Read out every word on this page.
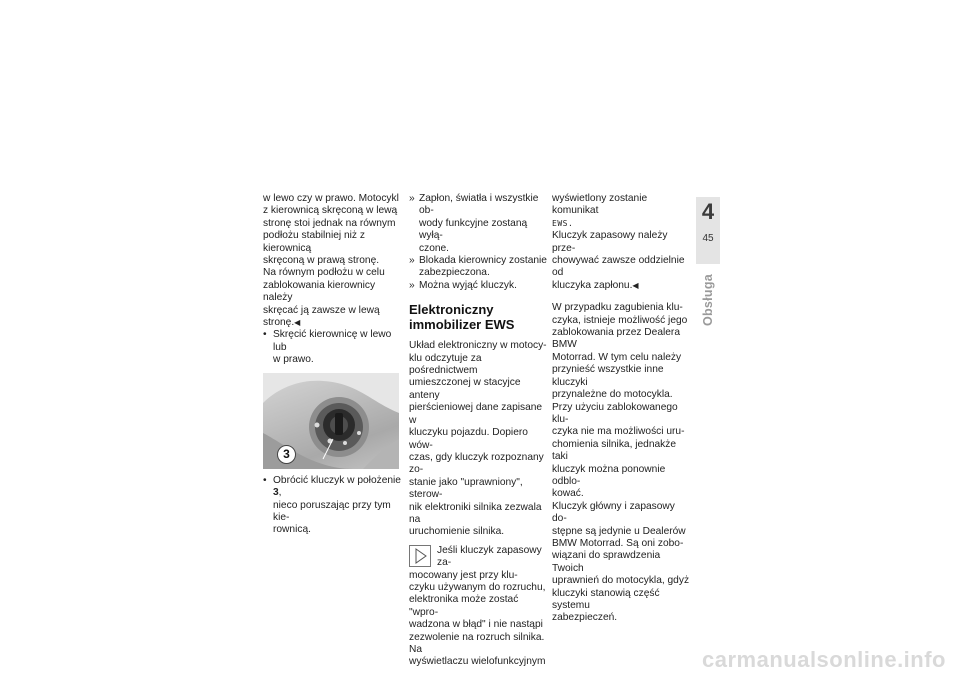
w lewo czy w prawo. Motocykl
z kierownicą skręconą w lewą
stronę stoi jednak na równym
podłożu stabilniej niż z kierownicą
skręconą w prawą stronę.

Na równym podłożu w celu
zablokowania kierownicy należy
skręcać ją zawsze w lewą
stronę.◀

• Skręcić kierownicę w lewo lub
w prawo.

3

• Obrócić kluczyk w położenie 3,
nieco poruszając przy tym kie-
rownicą.

» Zapłon, światła i wszystkie ob-
wody funkcyjne zostaną wyłą-
czone.

» Blokada kierownicy zostanie
zabezpieczona.

» Można wyjąć kluczyk.

Elektroniczny
immobilizer EWS

Układ elektroniczny w motocy-
klu odczytuje za pośrednictwem
umieszczonej w stacyjce anteny
pierścieniowej dane zapisane w
kluczyku pojazdu. Dopiero wów-
czas, gdy kluczyk rozpoznany zo-
stanie jako "uprawniony", sterow-
nik elektroniki silnika zezwala na
uruchomienie silnika.

Jeśli kluczyk zapasowy za-
mocowany jest przy klu-
czyku używanym do rozruchu,
elektronika może zostać "wpro-
wadzona w błąd" i nie nastąpi
zezwolenie na rozruch silnika. Na
wyświetlaczu wielofunkcyjnym

wyświetlony zostanie komunikat
EWS.

Kluczyk zapasowy należy prze-
chowywać zawsze oddzielnie od
kluczyka zapłonu.◀

W przypadku zagubienia klu-
czyka, istnieje możliwość jego
zablokowania przez Dealera BMW
Motorrad. W tym celu należy
przynieść wszystkie inne kluczyki
przynależne do motocykla.

Przy użyciu zablokowanego klu-
czyka nie ma możliwości uru-
chomienia silnika, jednakże taki
kluczyk można ponownie odblo-
kować.

Kluczyk główny i zapasowy do-
stępne są jedynie u Dealerów
BMW Motorrad. Są oni zobo-
wiązani do sprawdzenia Twoich
uprawnień do motocykla, gdyż
kluczyki stanowią część systemu
zabezpieczeń.

4
45
Obsługa
carmanualsonline.info
